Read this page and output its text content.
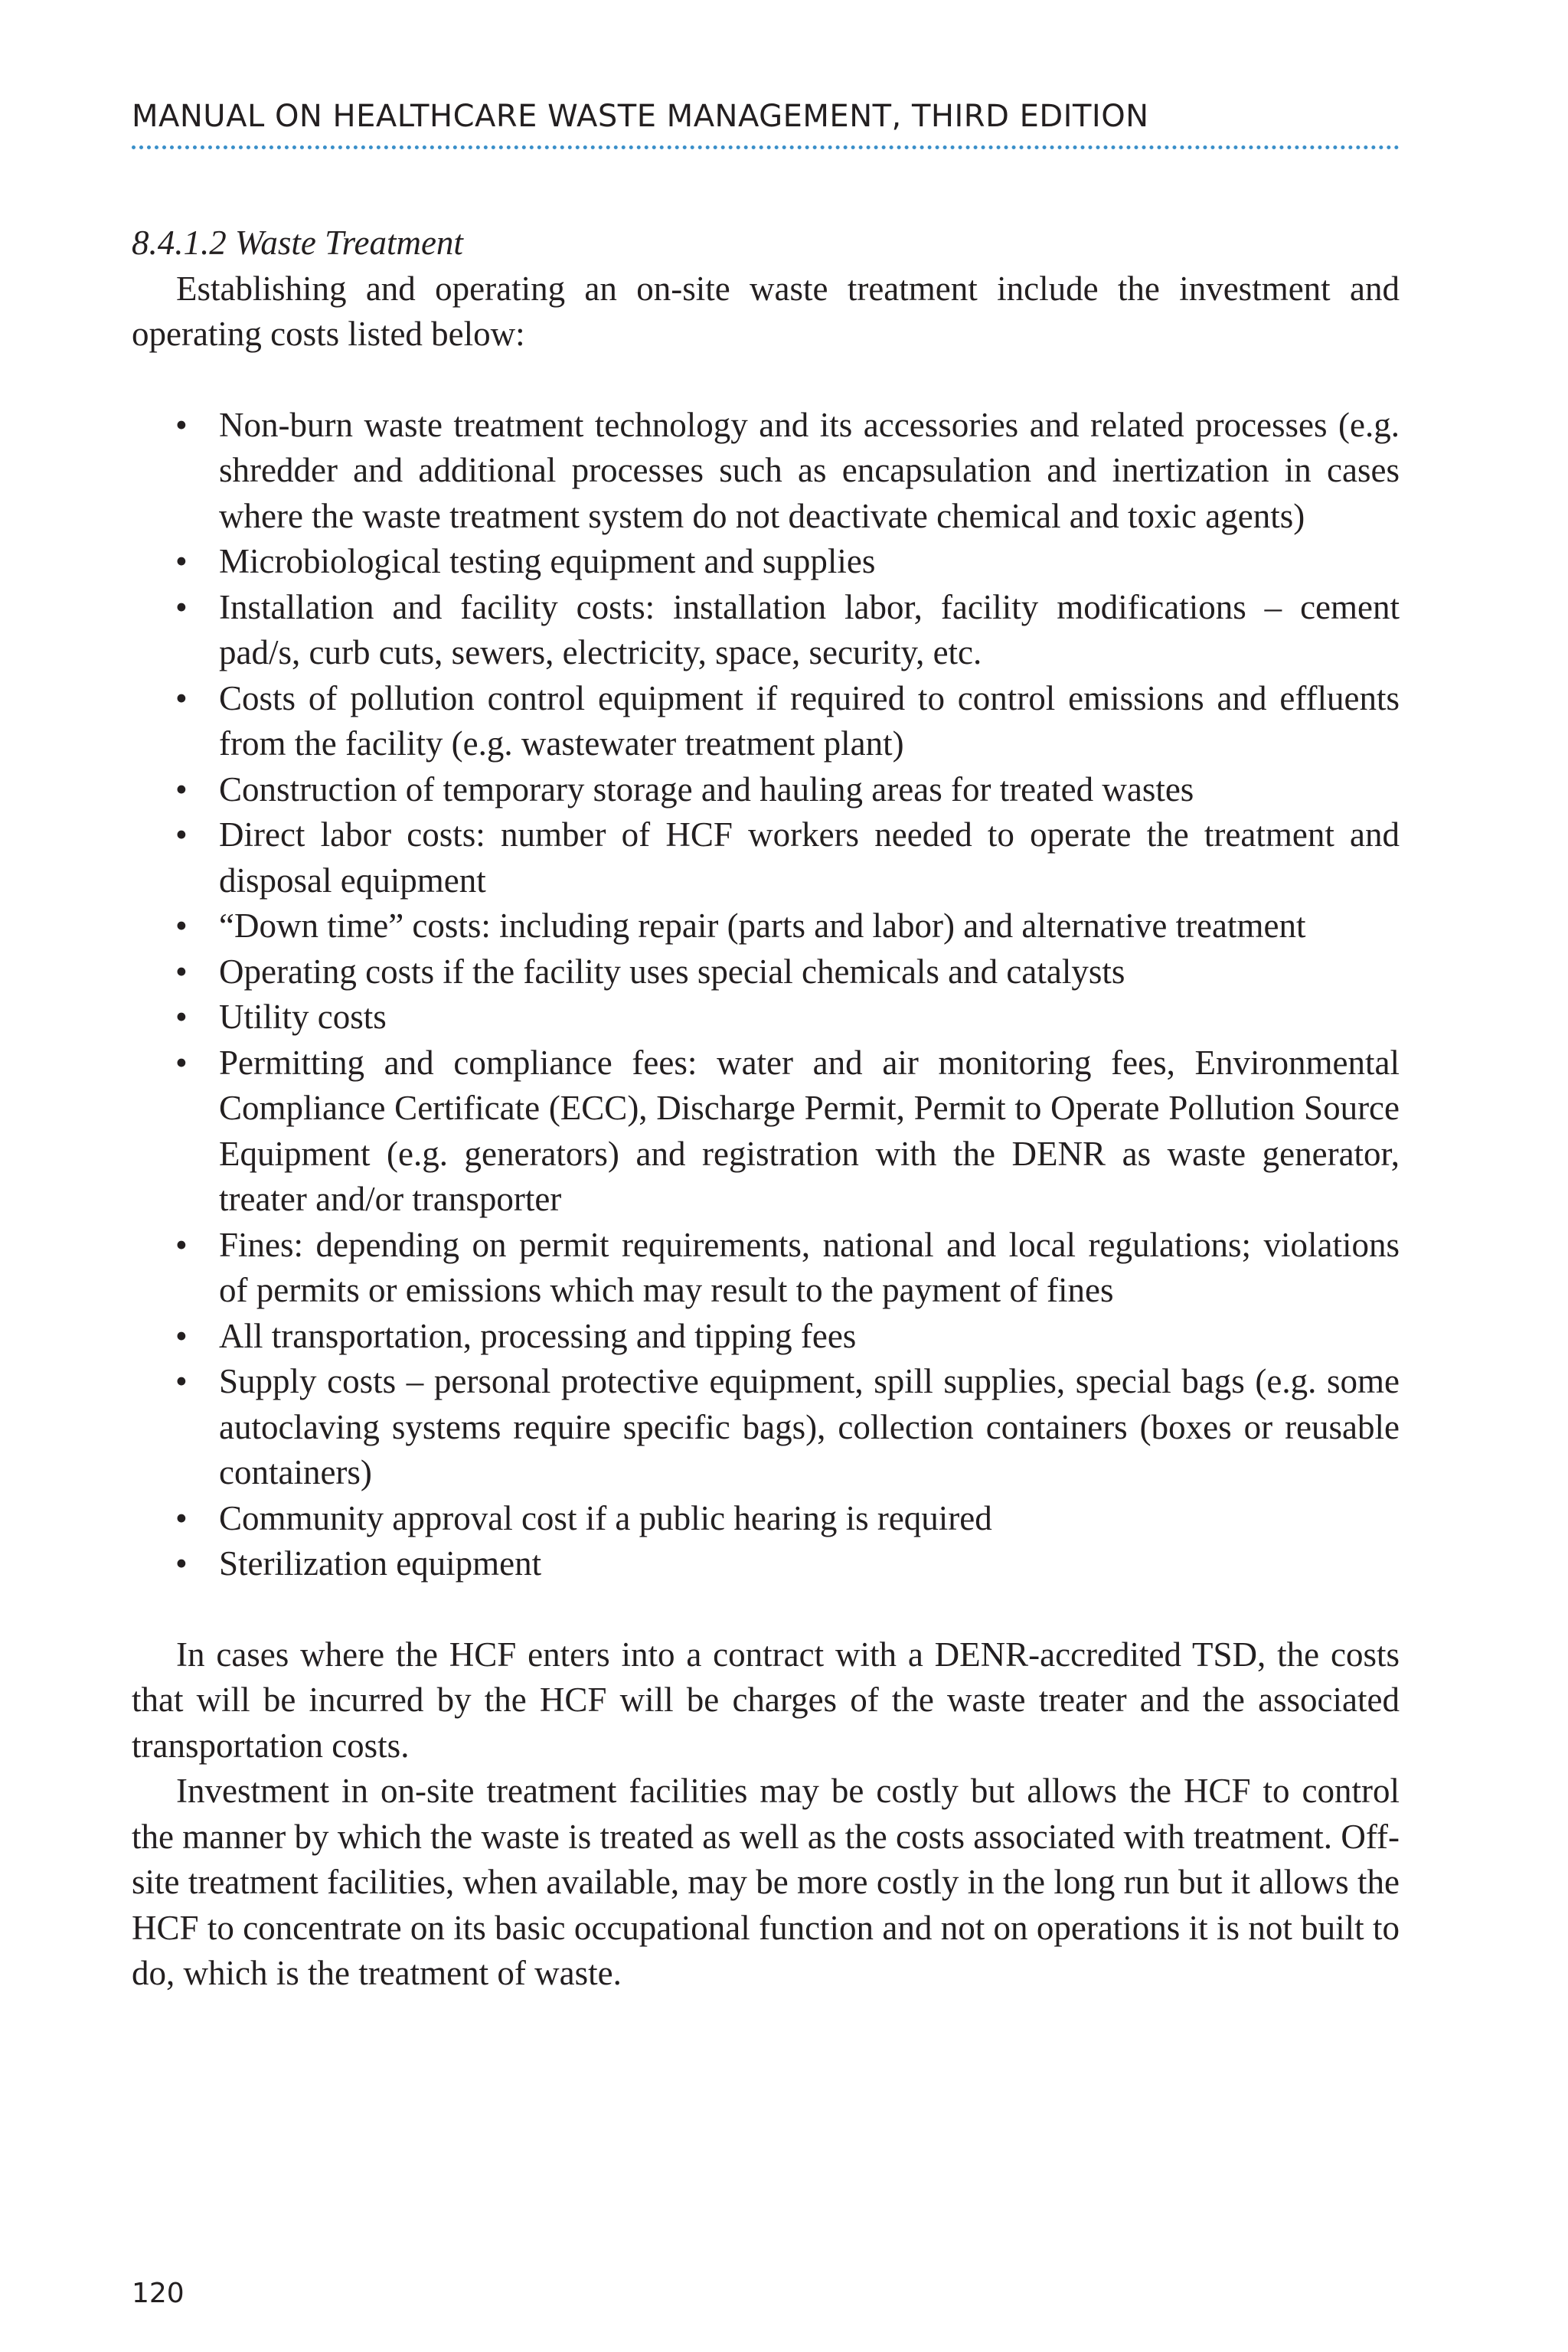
MANUAL ON HEALTHCARE WASTE MANAGEMENT, THIRD EDITION
8.4.1.2 Waste Treatment

Establishing and operating an on-site waste treatment include the investment and operating costs listed below:

• Non-burn waste treatment technology and its accessories and related processes (e.g. shredder and additional processes such as encapsulation and inertization in cases where the waste treatment system do not deactivate chemical and toxic agents)
• Microbiological testing equipment and supplies
• Installation and facility costs: installation labor, facility modifications – cement pad/s, curb cuts, sewers, electricity, space, security, etc.
• Costs of pollution control equipment if required to control emissions and effluents from the facility (e.g. wastewater treatment plant)
• Construction of temporary storage and hauling areas for treated wastes
• Direct labor costs: number of HCF workers needed to operate the treatment and disposal equipment
• “Down time” costs: including repair (parts and labor) and alternative treatment
• Operating costs if the facility uses special chemicals and catalysts
• Utility costs
• Permitting and compliance fees: water and air monitoring fees, Environmental Compliance Certificate (ECC), Discharge Permit, Permit to Operate Pollution Source Equipment (e.g. generators) and registration with the DENR as waste generator, treater and/or transporter
• Fines: depending on permit requirements, national and local regulations; violations of permits or emissions which may result to the payment of fines
• All transportation, processing and tipping fees
• Supply costs – personal protective equipment, spill supplies, special bags (e.g. some autoclaving systems require specific bags), collection containers (boxes or reusable containers)
• Community approval cost if a public hearing is required
• Sterilization equipment

In cases where the HCF enters into a contract with a DENR-accredited TSD, the costs that will be incurred by the HCF will be charges of the waste treater and the associated transportation costs.

Investment in on-site treatment facilities may be costly but allows the HCF to control the manner by which the waste is treated as well as the costs associated with treatment. Off-site treatment facilities, when available, may be more costly in the long run but it allows the HCF to concentrate on its basic occupational function and not on operations it is not built to do, which is the treatment of waste.

120
